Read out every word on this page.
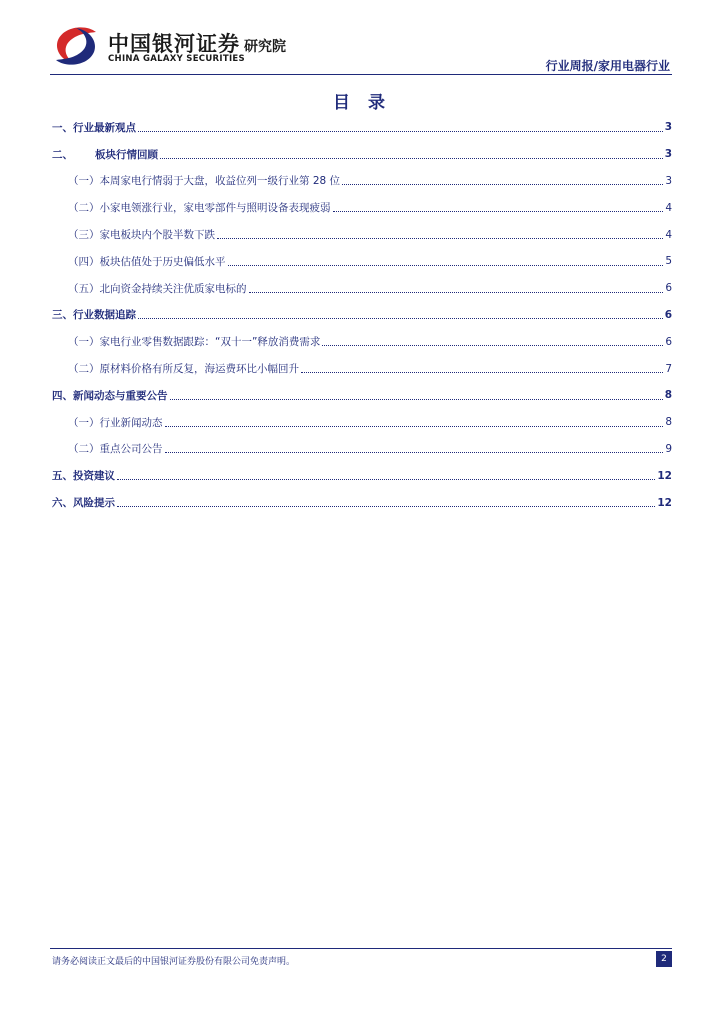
中国银河证券
CHINA GALAXY SECURITIES
研究院
行业周报/家用电器行业
目 录
一、行业最新观点	3
二、 板块行情回顾	3
（一）本周家电行情弱于大盘，收益位列一级行业第 28 位	3
（二）小家电领涨行业，家电零部件与照明设备表现疲弱	4
（三）家电板块内个股半数下跌	4
（四）板块估值处于历史偏低水平	5
（五）北向资金持续关注优质家电标的	6
三、行业数据追踪	6
（一）家电行业零售数据跟踪：“双十一”释放消费需求	6
（二）原材料价格有所反复，海运费环比小幅回升	7
四、新闻动态与重要公告	8
（一）行业新闻动态	8
（二）重点公司公告	9
五、投资建议	12
六、风险提示	12
请务必阅读正文最后的中国银河证券股份有限公司免责声明。	2
